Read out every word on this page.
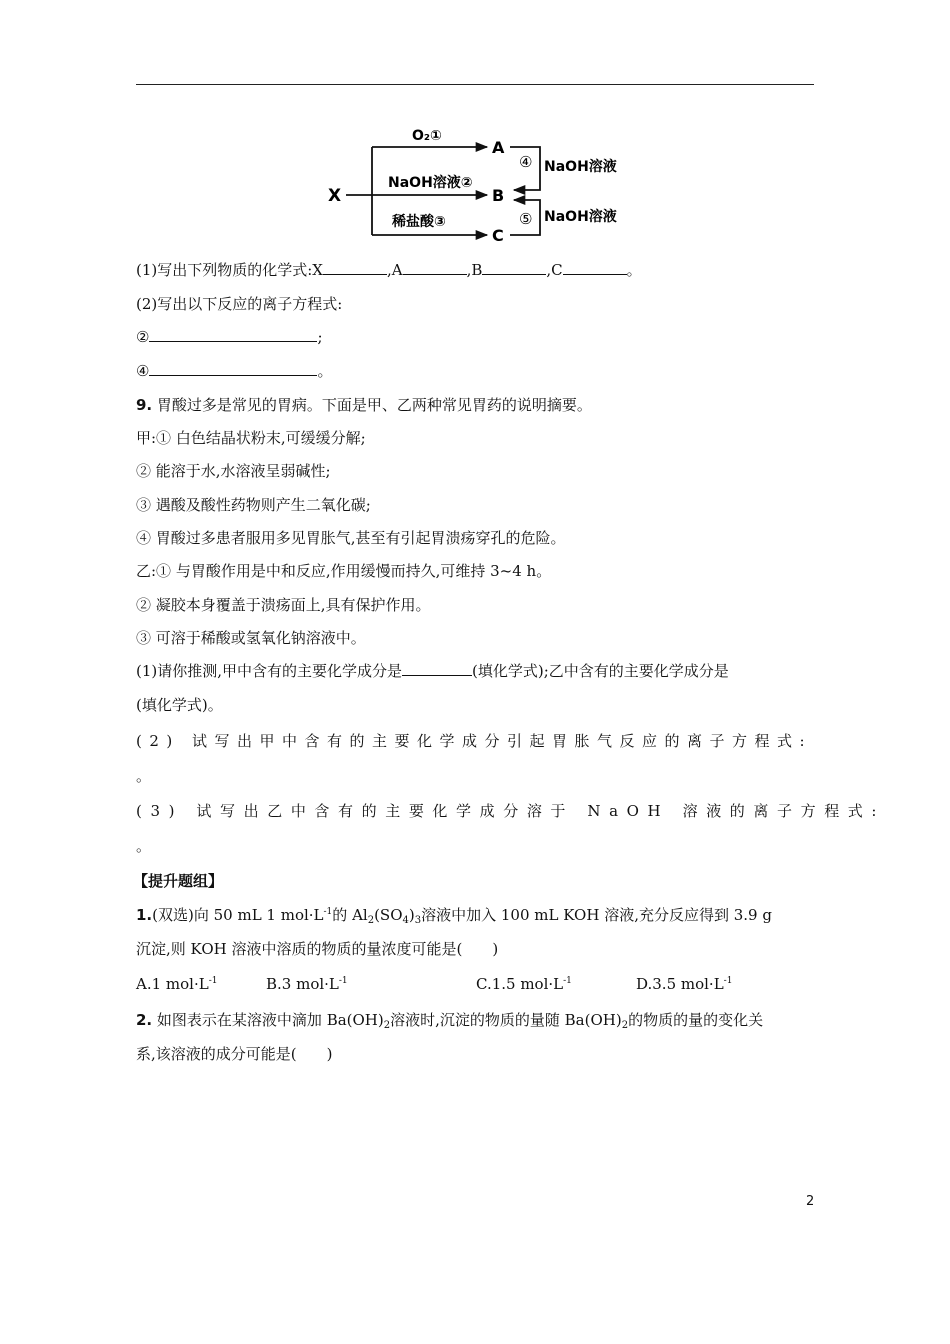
X
O₂①
NaOH溶液②
稀盐酸③
A
B
C
④ NaOH溶液
⑤ NaOH溶液
(1)写出下列物质的化学式:X	,A	,B	,C	。
(2)写出以下反应的离子方程式:
②	;
④	。
9. 胃酸过多是常见的胃病。下面是甲、乙两种常见胃药的说明摘要。
甲:① 白色结晶状粉末,可缓缓分解;
② 能溶于水,水溶液呈弱碱性;
③ 遇酸及酸性药物则产生二氧化碳;
④ 胃酸过多患者服用多见胃胀气,甚至有引起胃溃疡穿孔的危险。
乙:① 与胃酸作用是中和反应,作用缓慢而持久,可维持 3~4 h。
② 凝胶本身覆盖于溃疡面上,具有保护作用。
③ 可溶于稀酸或氢氧化钠溶液中。
(1)请你推测,甲中含有的主要化学成分是	(填化学式);乙中含有的主要化学成分是
(填化学式)。
(2) 试写出甲中含有的主要化学成分引起胃胀气反应的离子方程式:
。
(3) 试写出乙中含有的主要化学成分溶于 NaOH 溶液的离子方程式:
。
【提升题组】
1.(双选)向 50 mL 1 $mol\cdot L^{-1}$的 $Al_2(SO_4)_3$溶液中加入 100 mL KOH 溶液,充分反应得到 3.9 g
沉淀,则 KOH 溶液中溶质的物质的量浓度可能是(　　)
A.1 $mol\cdot L^{-1}$	B.3 $mol\cdot L^{-1}$	C.1.5 $mol\cdot L^{-1}$	D.3.5 $mol\cdot L^{-1}$
2. 如图表示在某溶液中滴加 $Ba(OH)_2$溶液时,沉淀的物质的量随 $Ba(OH)_2$的物质的量的变化关
系,该溶液的成分可能是(　　)
2
